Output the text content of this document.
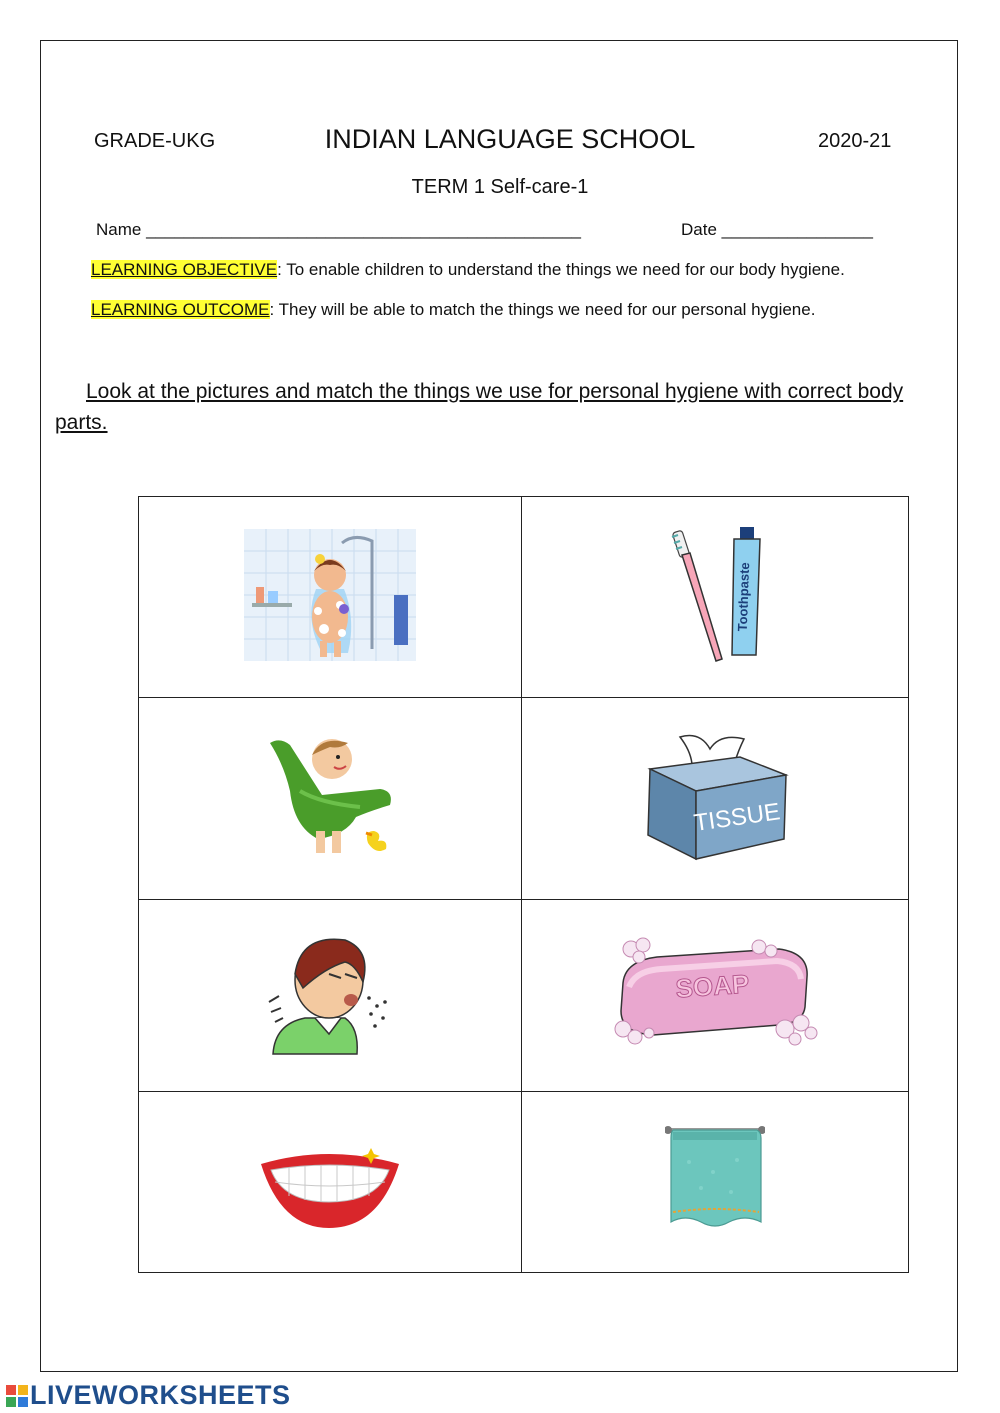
GRADE-UKG	INDIAN LANGUAGE SCHOOL	2020-21
TERM 1 Self-care-1
Name ______________________________________________	Date ________________
LEARNING OBJECTIVE: To enable children to understand the things we need for our body hygiene.
LEARNING OUTCOME: They will be able to match the things we need for our personal hygiene.
Look at the pictures and match the things we use for personal hygiene with correct body parts.

Toothpaste

TISSUE

SOAP

LIVEWORKSHEETS
